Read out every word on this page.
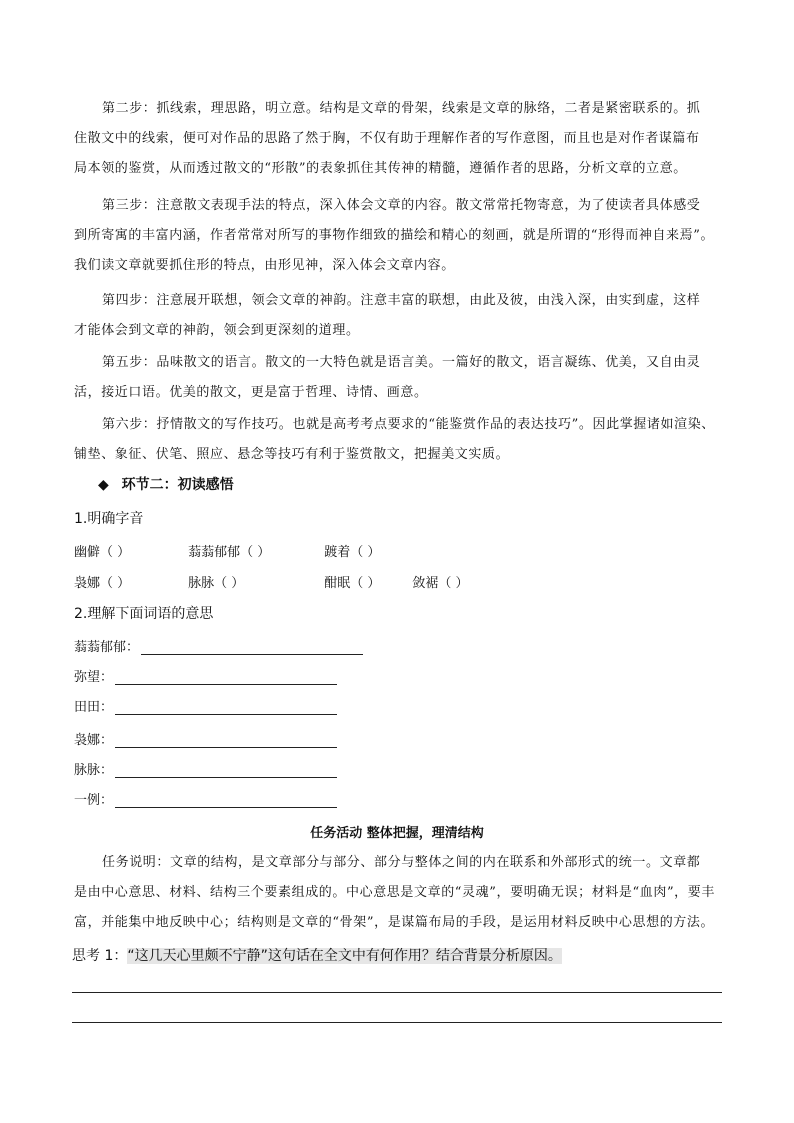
第二步：抓线索，理思路，明立意。结构是文章的骨架，线索是文章的脉络，二者是紧密联系的。抓
住散文中的线索，便可对作品的思路了然于胸，不仅有助于理解作者的写作意图，而且也是对作者谋篇布
局本领的鉴赏，从而透过散文的“形散”的表象抓住其传神的精髓，遵循作者的思路，分析文章的立意。
第三步：注意散文表现手法的特点，深入体会文章的内容。散文常常托物寄意，为了使读者具体感受
到所寄寓的丰富内涵，作者常常对所写的事物作细致的描绘和精心的刻画，就是所谓的“形得而神自来焉”。
我们读文章就要抓住形的特点，由形见神，深入体会文章内容。
第四步：注意展开联想，领会文章的神韵。注意丰富的联想，由此及彼，由浅入深，由实到虚，这样
才能体会到文章的神韵，领会到更深刻的道理。
第五步：品味散文的语言。散文的一大特色就是语言美。一篇好的散文，语言凝练、优美，又自由灵
活，接近口语。优美的散文，更是富于哲理、诗情、画意。
第六步：抒情散文的写作技巧。也就是高考考点要求的“能鉴赏作品的表达技巧”。因此掌握诸如渲染、
铺垫、象征、伏笔、照应、悬念等技巧有利于鉴赏散文，把握美文实质。
◆ 环节二：初读感悟
1.明确字音
幽僻（ ）	蓊蓊郁郁（ ）	踱着（ ）
袅娜（ ）	脉脉（ ）	酣眠（ ） 敛裾（ ）
2.理解下面词语的意思
蓊蓊郁郁：
弥望：
田田：
袅娜：
脉脉：
一例：
任务活动 整体把握，理清结构
任务说明：文章的结构，是文章部分与部分、部分与整体之间的内在联系和外部形式的统一。文章都
是由中心意思、材料、结构三个要素组成的。中心意思是文章的“灵魂”，要明确无误；材料是“血肉”，要丰
富，并能集中地反映中心；结构则是文章的“骨架”，是谋篇布局的手段，是运用材料反映中心思想的方法。
思考 1：“这几天心里颇不宁静”这句话在全文中有何作用？结合背景分析原因。
